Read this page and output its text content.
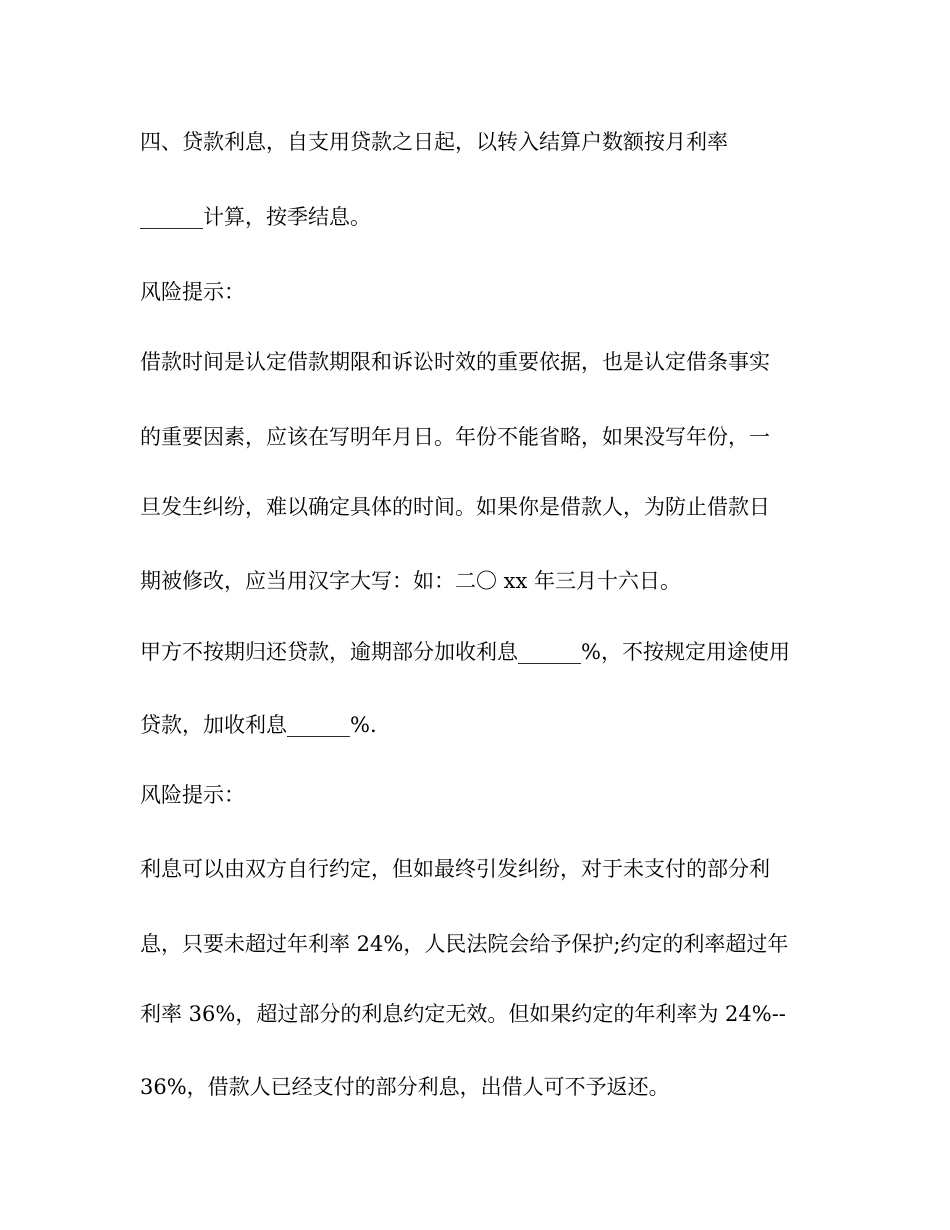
四、贷款利息，自支用贷款之日起，以转入结算户数额按月利率

______计算，按季结息。

风险提示：

借款时间是认定借款期限和诉讼时效的重要依据，也是认定借条事实

的重要因素，应该在写明年月日。年份不能省略，如果没写年份，一

旦发生纠纷，难以确定具体的时间。如果你是借款人，为防止借款日

期被修改，应当用汉字大写：如：二〇 xx 年三月十六日。

甲方不按期归还贷款，逾期部分加收利息______%，不按规定用途使用

贷款，加收利息______%.

风险提示：

利息可以由双方自行约定，但如最终引发纠纷，对于未支付的部分利

息，只要未超过年利率 24%，人民法院会给予保护;约定的利率超过年

利率 36%，超过部分的利息约定无效。但如果约定的年利率为 24%--

36%，借款人已经支付的部分利息，出借人可不予返还。
